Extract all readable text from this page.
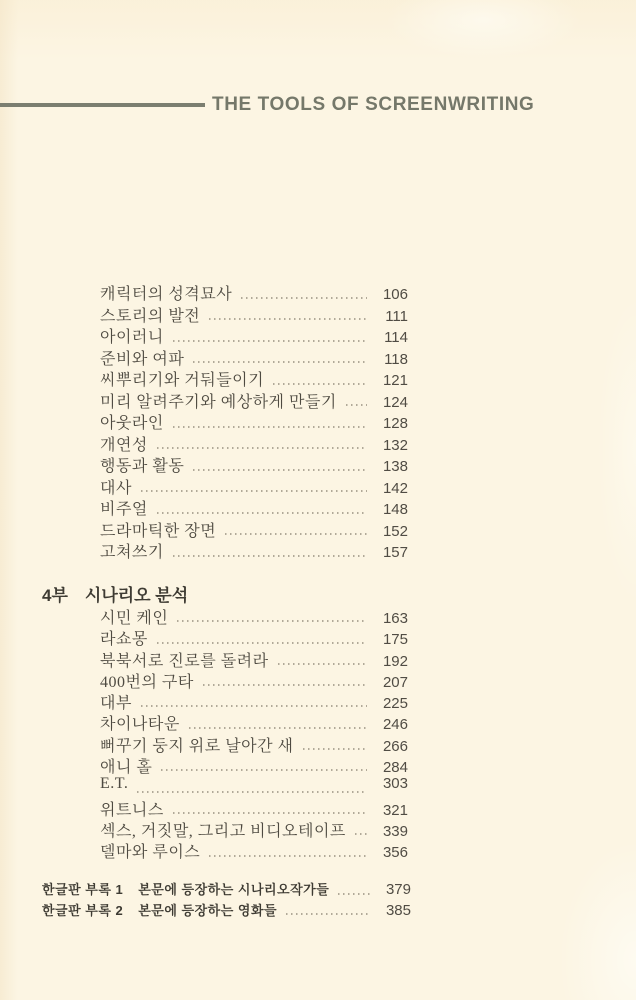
THE TOOLS OF SCREENWRITING
캐릭터의 성격묘사	106
스토리의 발전	111
아이러니	114
준비와 여파	118
씨뿌리기와 거둬들이기	121
미리 알려주기와 예상하게 만들기	124
아웃라인	128
개연성	132
행동과 활동	138
대사	142
비주얼	148
드라마틱한 장면	152
고쳐쓰기	157
4부 시나리오 분석
시민 케인	163
라쇼몽	175
북북서로 진로를 돌려라	192
400번의 구타	207
대부	225
차이나타운	246
뻐꾸기 둥지 위로 날아간 새	266
애니 홀	284
E.T.	303
위트니스	321
섹스, 거짓말, 그리고 비디오테이프	339
델마와 루이스	356
한글판 부록 1 본문에 등장하는 시나리오작가들	379
한글판 부록 2 본문에 등장하는 영화들	385
